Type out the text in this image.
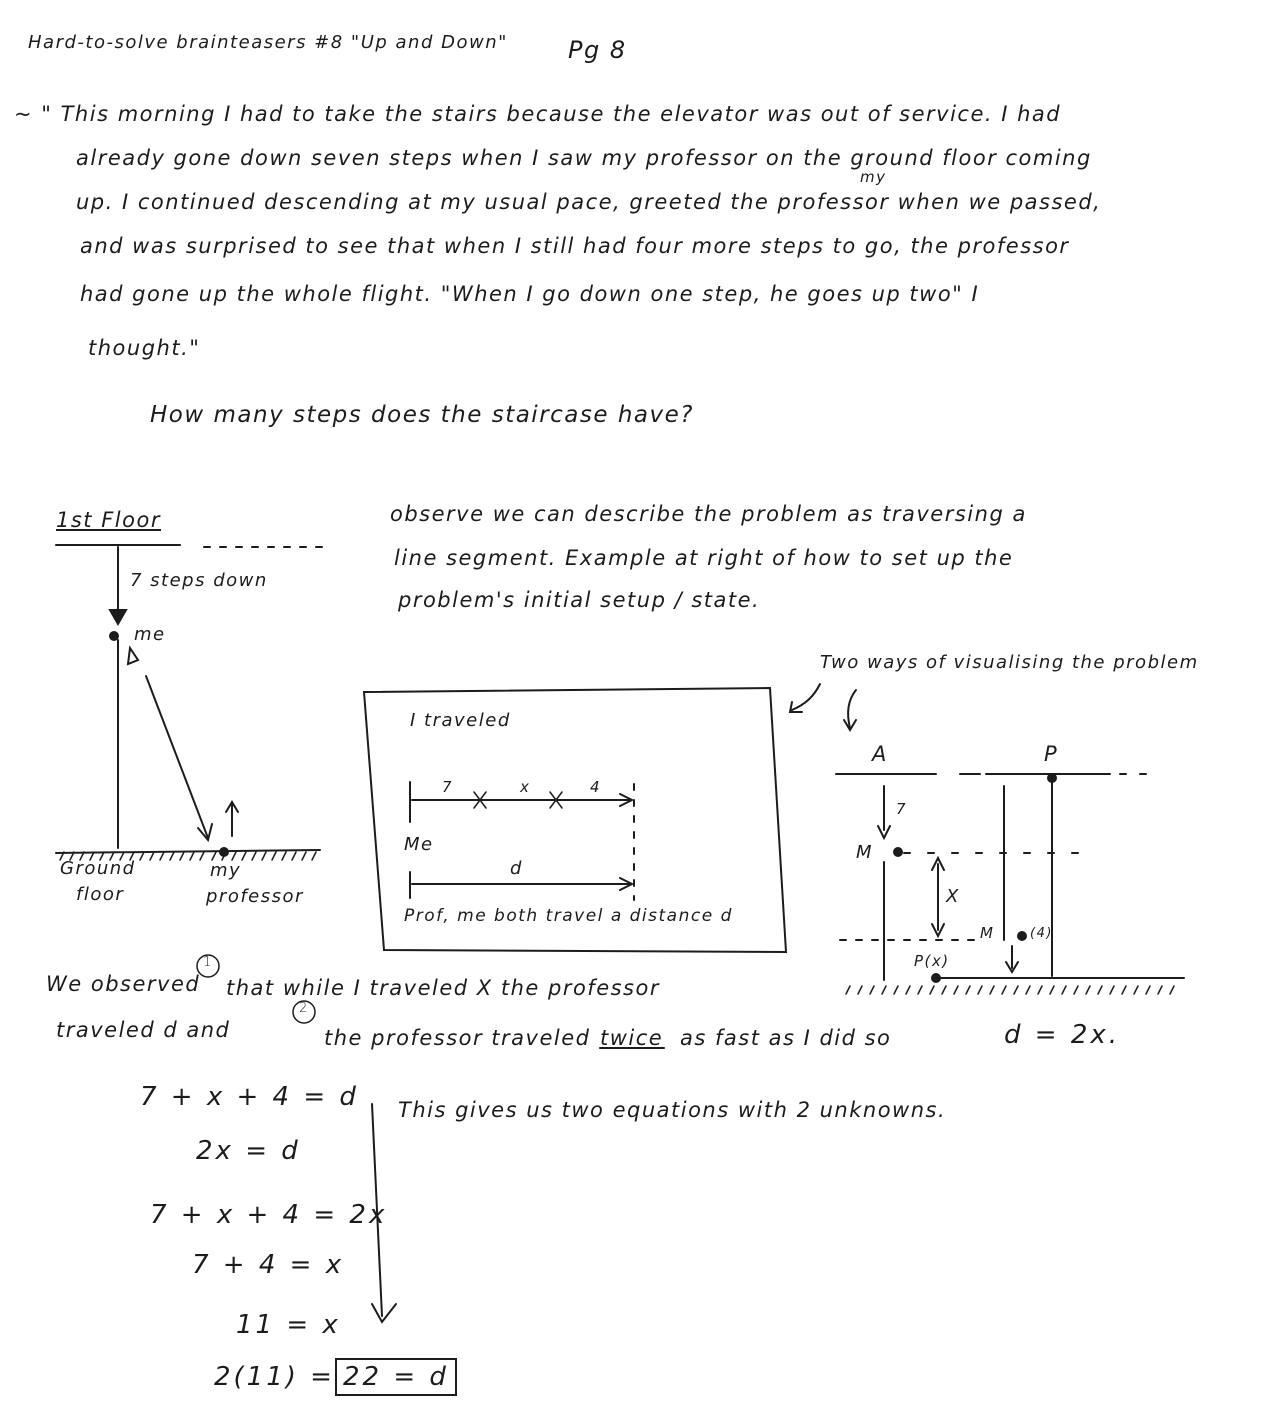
Hard-to-solve brainteasers #8 "Up and Down"	Pg 8
~ " This morning I had to take the stairs because the elevator was out of service. I had
already gone down seven steps when I saw my professor on the ground floor coming
up. I continued descending at my usual pace, greeted the professor when we passed,
my
and was surprised to see that when I still had four more steps to go, the professor
had gone up the whole flight. "When I go down one step, he goes up two" I
thought."
How many steps does the staircase have?
1st Floor
7 steps down
me
Ground
floor
my
professor
observe we can describe the problem as traversing a
line segment. Example at right of how to set up the
problem's initial setup / state.
Two ways of visualising the problem
I traveled
7	x	4
Me
d
Prof, me both travel a distance d
A	P
7
M
X
M	(4)
P(x)
We observed
1
that while I traveled X the professor
traveled d and
2
the professor traveled twice as fast as I did so	d = 2x.
7 + x + 4 = d
2x = d
7 + x + 4 = 2x
7 + 4 = x
11 = x
2(11) = 22 = d
This gives us two equations with 2 unknowns.
